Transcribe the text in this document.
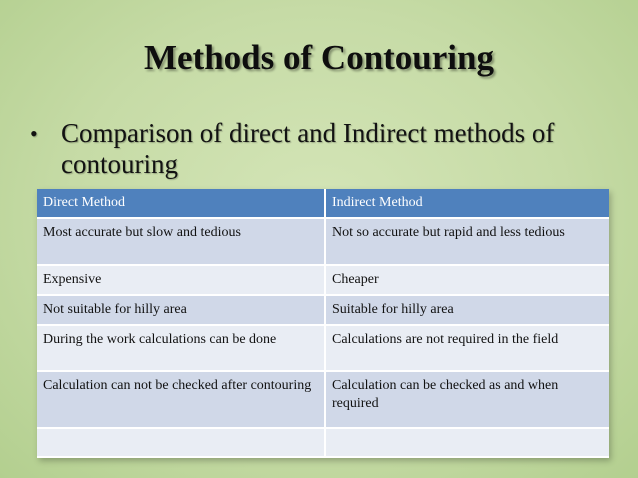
Methods of Contouring
• Comparison of direct and Indirect methods of contouring
Direct Method	Indirect Method
Most accurate but slow and tedious	Not so accurate but rapid and less tedious
Expensive	Cheaper
Not suitable for hilly area	Suitable for hilly area
During the work calculations can be done	Calculations are not required in the field
Calculation can not be checked after contouring	Calculation can be checked as and when required
